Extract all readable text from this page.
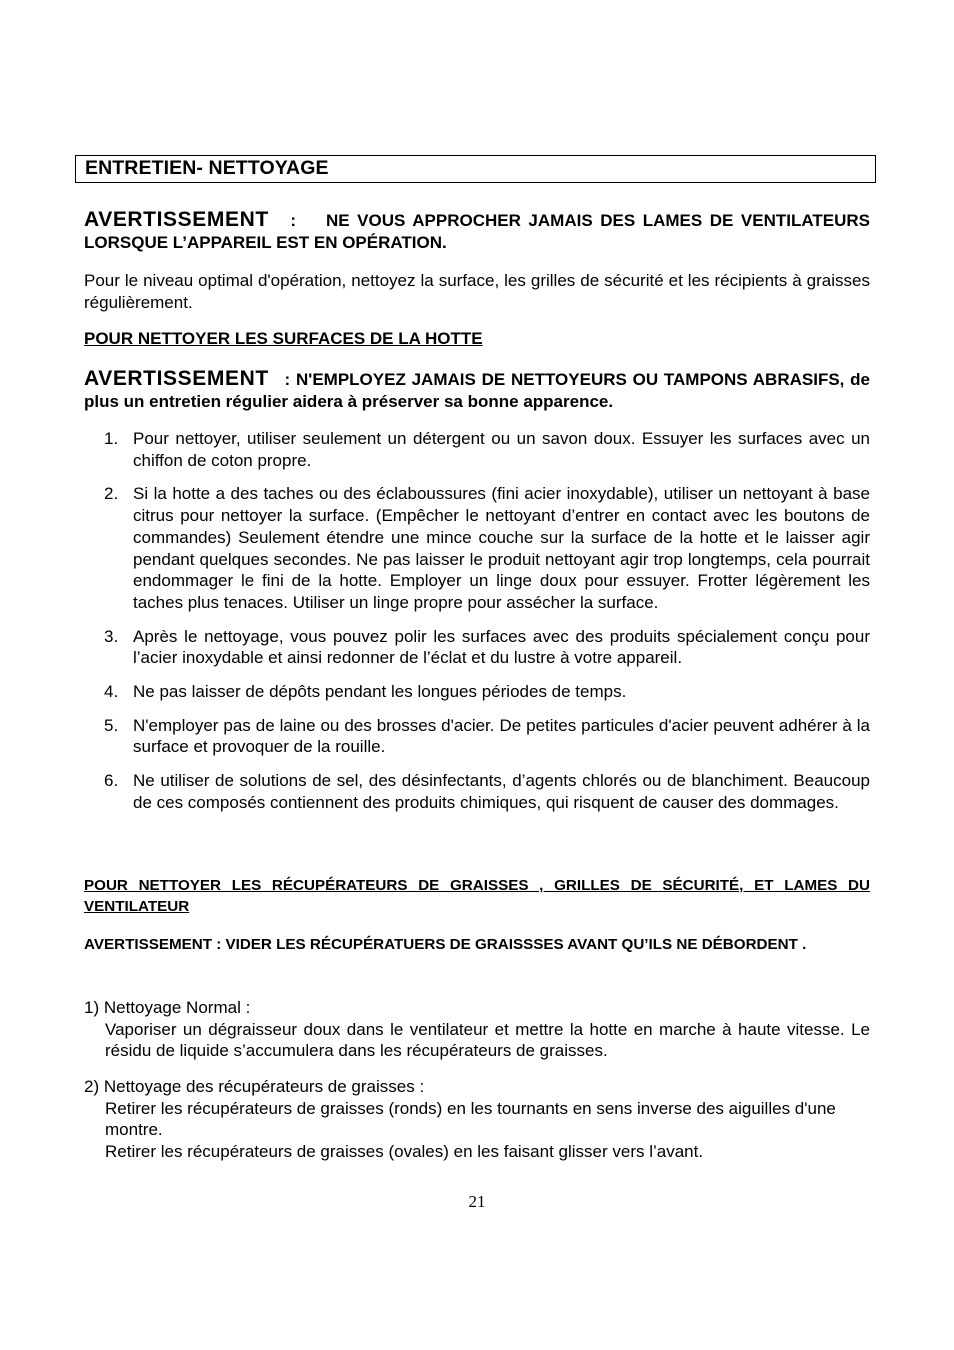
ENTRETIEN- NETTOYAGE
AVERTISSEMENT : NE VOUS APPROCHER JAMAIS DES LAMES DE VENTILATEURS LORSQUE L’APPAREIL EST EN OPÉRATION.
Pour le niveau optimal d'opération, nettoyez la surface, les grilles de sécurité et les récipients à graisses régulièrement.
POUR NETTOYER LES SURFACES DE LA HOTTE
AVERTISSEMENT : N'EMPLOYEZ JAMAIS DE NETTOYEURS OU TAMPONS ABRASIFS, de plus un entretien régulier aidera à préserver sa bonne apparence.
1. Pour nettoyer, utiliser seulement un détergent ou un savon doux. Essuyer les surfaces avec un chiffon de coton propre.
2. Si la hotte a des taches ou des éclaboussures (fini acier inoxydable), utiliser un nettoyant à base citrus pour nettoyer la surface. (Empêcher le nettoyant d’entrer en contact avec les boutons de commandes) Seulement étendre une mince couche sur la surface de la hotte et le laisser agir pendant quelques secondes. Ne pas laisser le produit nettoyant agir trop longtemps, cela pourrait endommager le fini de la hotte. Employer un linge doux pour essuyer. Frotter légèrement les taches plus tenaces. Utiliser un linge propre pour assécher la surface.
3. Après le nettoyage, vous pouvez polir les surfaces avec des produits spécialement conçu pour l’acier inoxydable et ainsi redonner de l’éclat et du lustre à votre appareil.
4. Ne pas laisser de dépôts pendant les longues périodes de temps.
5. N'employer pas de laine ou des brosses d'acier. De petites particules d'acier peuvent adhérer à la surface et provoquer de la rouille.
6. Ne utiliser de solutions de sel, des désinfectants, d’agents chlorés ou de blanchiment. Beaucoup de ces composés contiennent des produits chimiques, qui risquent de causer des dommages.
POUR NETTOYER LES RÉCUPÉRATEURS DE GRAISSES , GRILLES DE SÉCURITÉ, ET LAMES DU VENTILATEUR
AVERTISSEMENT : VIDER LES RÉCUPÉRATUERS DE GRAISSSES AVANT QU’ILS NE DÉBORDENT .
1) Nettoyage Normal :
Vaporiser un dégraisseur doux dans le ventilateur et mettre la hotte en marche à haute vitesse. Le résidu de liquide s’accumulera dans les récupérateurs de graisses.
2) Nettoyage des récupérateurs de graisses :
Retirer les récupérateurs de graisses (ronds) en les tournants en sens inverse des aiguilles d'une montre.
Retirer les récupérateurs de graisses (ovales) en les faisant glisser vers l’avant.
21
